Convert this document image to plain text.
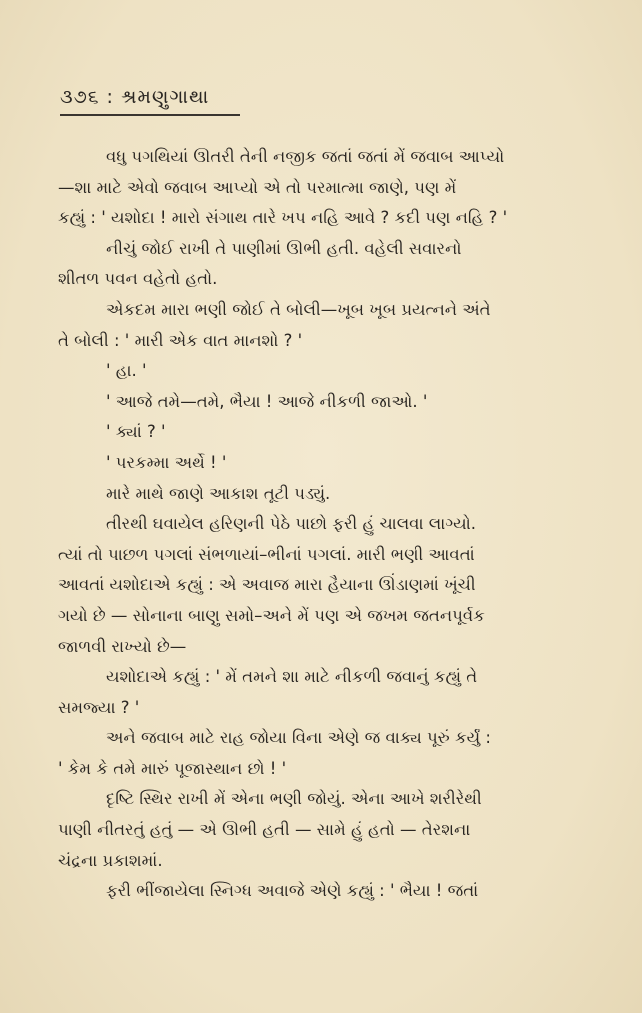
૩૭૬ : શ્રમણુગાથા
વધુ પગથિયાં ઊતરી તેની નજીક જતાં જતાં મેં જવાબ આપ્યો
—શા માટે એવો જવાબ આપ્યો એ તો પરમાત્મા જાણે, પણ મેં
કહ્યું : ' યશોદા ! મારો સંગાથ તારે ખપ નહિ આવે ? કદી પણ નહિ ? '
નીચું જોઈ રાખી તે પાણીમાં ઊભી હતી. વહેલી સવારનો
શીતળ પવન વહેતો હતો.
એકદમ મારા ભણી જોઈ તે બોલી—ખૂબ ખૂબ પ્રયત્નને અંતે
તે બોલી : ' મારી એક વાત માનશો ? '
' હા. '
' આજે તમે—તમે, ભૈયા ! આજે નીકળી જાઓ. '
' ક્યાં ? '
' પરકમ્મા અર્થે ! '
મારે માથે જાણે આકાશ તૂટી પડ્યું.
તીરથી ઘવાયેલ હરિણની પેઠે પાછો ફરી હું ચાલવા લાગ્યો.
ત્યાં તો પાછળ પગલાં સંભળાયાં–ભીનાં પગલાં. મારી ભણી આવતાં
આવતાં યશોદાએ કહ્યું : એ અવાજ મારા હૈયાના ઊંડાણમાં ખૂંચી
ગયો છે — સોનાના બાણુ સમો–અને મેં પણ એ જખમ જતનપૂર્વક
જાળવી રાખ્યો છે—
યશોદાએ કહ્યું : ' મેં તમને શા માટે નીકળી જવાનું કહ્યું તે
સમજ્યા ? '
અને જવાબ માટે રાહ જોયા વિના એણે જ વાક્ય પૂરું કર્યું :
' કેમ કે તમે મારું પૂજાસ્થાન છો ! '
દૃષ્ટિ સ્થિર રાખી મેં એના ભણી જોયું. એના આખે શરીરેથી
પાણી નીતરતું હતું — એ ઊભી હતી — સામે હું હતો — તેરશના
ચંદ્રના પ્રકાશમાં.
ફરી ભીંજાયેલા સ્નિગ્ધ અવાજે એણે કહ્યું : ' ભૈયા ! જતાં
